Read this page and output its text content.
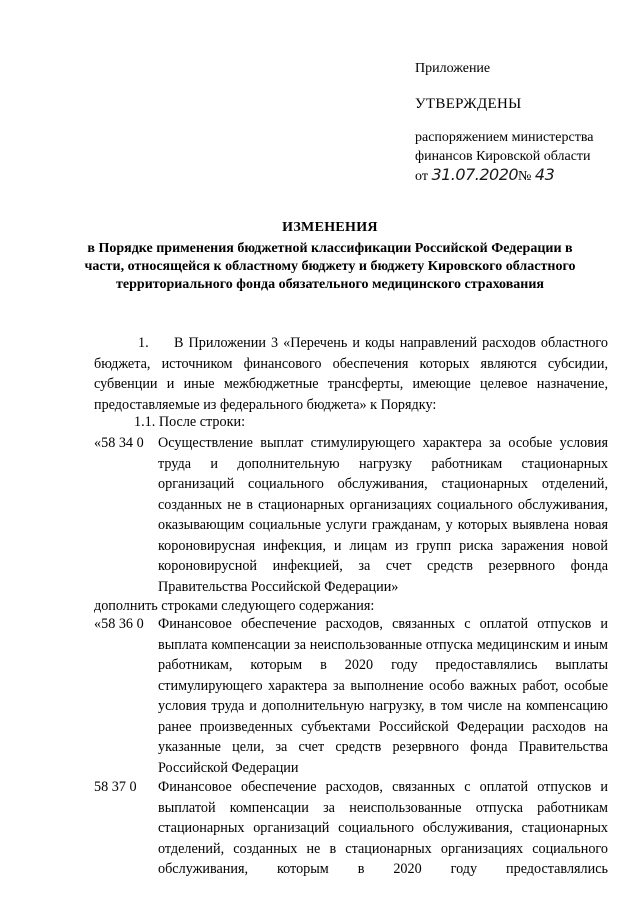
Приложение
УТВЕРЖДЕНЫ
распоряжением министерства
финансов Кировской области
от 31.07.2020№ 43
ИЗМЕНЕНИЯ
в Порядке применения бюджетной классификации Российской Федерации в части, относящейся к областному бюджету и бюджету Кировского областного территориального фонда обязательного медицинского страхования
1. В Приложении 3 «Перечень и коды направлений расходов областного бюджета, источником финансового обеспечения которых являются субсидии, субвенции и иные межбюджетные трансферты, имеющие целевое назначение, предоставляемые из федерального бюджета» к Порядку:
1.1. После строки:
«58 34 0	Осуществление выплат стимулирующего характера за особые условия труда и дополнительную нагрузку работникам стационарных организаций социального обслуживания, стационарных отделений, созданных не в стационарных организациях социального обслуживания, оказывающим социальные услуги гражданам, у которых выявлена новая короновирусная инфекция, и лицам из групп риска заражения новой короновирусной инфекцией, за счет средств резервного фонда Правительства Российской Федерации»
дополнить строками следующего содержания:
«58 36 0	Финансовое обеспечение расходов, связанных с оплатой отпусков и выплата компенсации за неиспользованные отпуска медицинским и иным работникам, которым в 2020 году предоставлялись выплаты стимулирующего характера за выполнение особо важных работ, особые условия труда и дополнительную нагрузку, в том числе на компенсацию ранее произведенных субъектами Российской Федерации расходов на указанные цели, за счет средств резервного фонда Правительства Российской Федерации
58 37 0	Финансовое обеспечение расходов, связанных с оплатой отпусков и выплатой компенсации за неиспользованные отпуска работникам стационарных организаций социального обслуживания, стационарных отделений, созданных не в стационарных организациях социального обслуживания, которым в 2020 году предоставлялись
